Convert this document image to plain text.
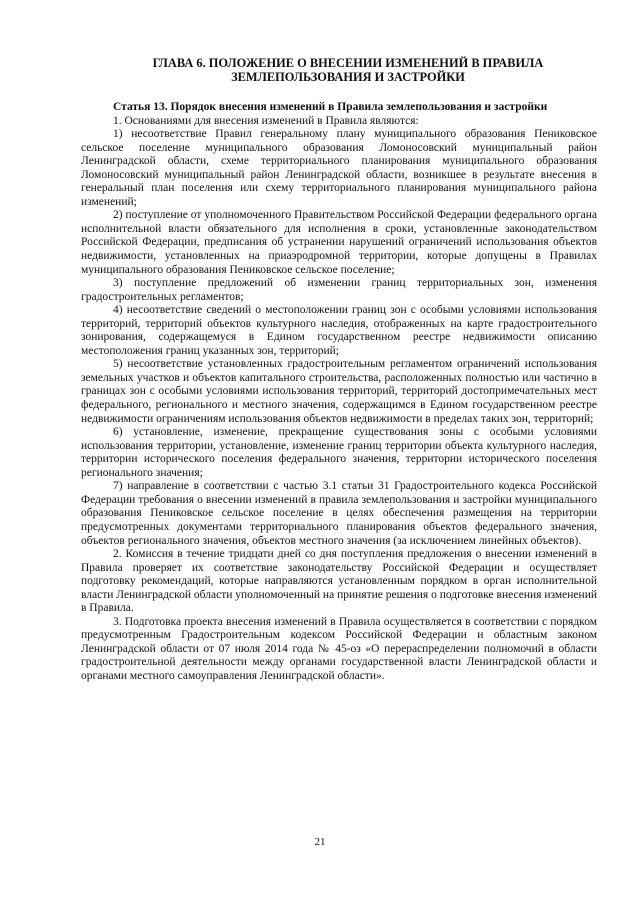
ГЛАВА 6. ПОЛОЖЕНИЕ О ВНЕСЕНИИ ИЗМЕНЕНИЙ В ПРАВИЛА
ЗЕМЛЕПОЛЬЗОВАНИЯ И ЗАСТРОЙКИ

Статья 13. Порядок внесения изменений в Правила землепользования и застройки

1. Основаниями для внесения изменений в Правила являются:

1) несоответствие Правил генеральному плану муниципального образования Пениковское сельское поселение муниципального образования Ломоносовский муниципальный район Ленинградской области, схеме территориального планирования муниципального образования Ломоносовский муниципальный район Ленинградской области, возникшее в результате внесения в генеральный план поселения или схему территориального планирования муниципального района изменений;

2) поступление от уполномоченного Правительством Российской Федерации федерального органа исполнительной власти обязательного для исполнения в сроки, установленные законодательством Российской Федерации, предписания об устранении нарушений ограничений использования объектов недвижимости, установленных на приаэродромной территории, которые допущены в Правилах муниципального образования Пениковское сельское поселение;

3) поступление предложений об изменении границ территориальных зон, изменения градостроительных регламентов;

4) несоответствие сведений о местоположении границ зон с особыми условиями использования территорий, территорий объектов культурного наследия, отображенных на карте градостроительного зонирования, содержащемуся в Едином государственном реестре недвижимости описанию местоположения границ указанных зон, территорий;

5) несоответствие установленных градостроительным регламентом ограничений использования земельных участков и объектов капитального строительства, расположенных полностью или частично в границах зон с особыми условиями использования территорий, территорий достопримечательных мест федерального, регионального и местного значения, содержащимся в Едином государственном реестре недвижимости ограничениям использования объектов недвижимости в пределах таких зон, территорий;

6) установление, изменение, прекращение существования зоны с особыми условиями использования территории, установление, изменение границ территории объекта культурного наследия, территории исторического поселения федерального значения, территории исторического поселения регионального значения;

7) направление в соответствии с частью 3.1 статьи 31 Градостроительного кодекса Российской Федерации требования о внесении изменений в правила землепользования и застройки муниципального образования Пениковское сельское поселение в целях обеспечения размещения на территории предусмотренных документами территориального планирования объектов федерального значения, объектов регионального значения, объектов местного значения (за исключением линейных объектов).

2. Комиссия в течение тридцати дней со дня поступления предложения о внесении изменений в Правила проверяет их соответствие законодательству Российской Федерации и осуществляет подготовку рекомендаций, которые направляются установленным порядком в орган исполнительной власти Ленинградской области уполномоченный на принятие решения о подготовке внесения изменений в Правила.

3. Подготовка проекта внесения изменений в Правила осуществляется в соответствии с порядком предусмотренным Градостроительным кодексом Российской Федерации и областным законом Ленинградской области от 07 июля 2014 года № 45-оз «О перераспределении полномочий в области градостроительной деятельности между органами государственной власти Ленинградской области и органами местного самоуправления Ленинградской области».

21
